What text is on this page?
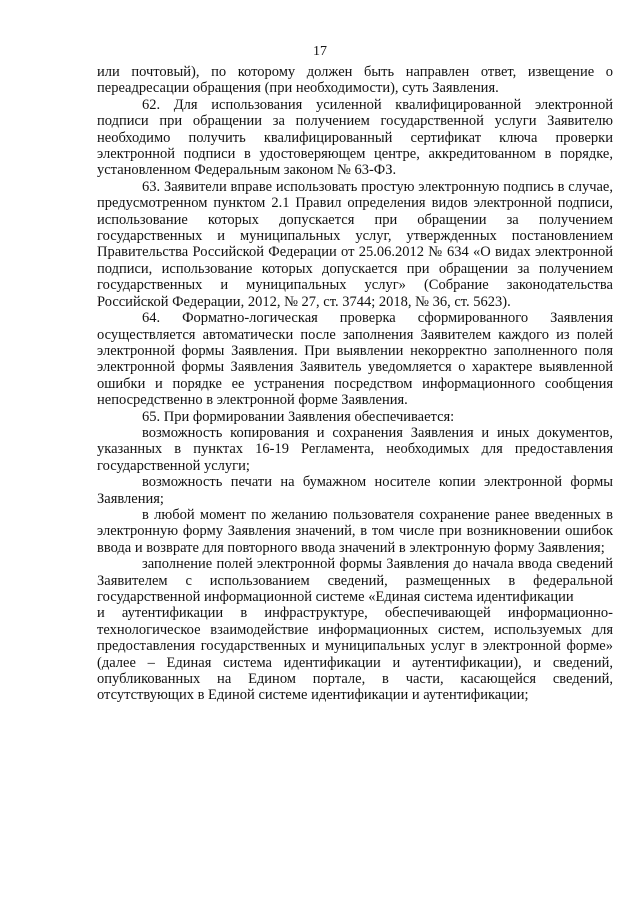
17

или почтовый), по которому должен быть направлен ответ, извещение о переадресации обращения (при необходимости), суть Заявления.

62. Для использования усиленной квалифицированной электронной подписи при обращении за получением государственной услуги Заявителю необходимо получить квалифицированный сертификат ключа проверки электронной подписи в удостоверяющем центре, аккредитованном в порядке, установленном Федеральным законом № 63-ФЗ.

63. Заявители вправе использовать простую электронную подпись в случае, предусмотренном пунктом 2.1 Правил определения видов электронной подписи, использование которых допускается при обращении за получением государственных и муниципальных услуг, утвержденных постановлением Правительства Российской Федерации от 25.06.2012 № 634 «О видах электронной подписи, использование которых допускается при обращении за получением государственных и муниципальных услуг» (Собрание законодательства Российской Федерации, 2012, № 27, ст. 3744; 2018, № 36, ст. 5623).

64. Форматно-логическая проверка сформированного Заявления осуществляется автоматически после заполнения Заявителем каждого из полей электронной формы Заявления. При выявлении некорректно заполненного поля электронной формы Заявления Заявитель уведомляется о характере выявленной ошибки и порядке ее устранения посредством информационного сообщения непосредственно в электронной форме Заявления.

65. При формировании Заявления обеспечивается:

возможность копирования и сохранения Заявления и иных документов, указанных в пунктах 16-19 Регламента, необходимых для предоставления государственной услуги;

возможность печати на бумажном носителе копии электронной формы Заявления;

в любой момент по желанию пользователя сохранение ранее введенных в электронную форму Заявления значений, в том числе при возникновении ошибок ввода и возврате для повторного ввода значений в электронную форму Заявления;

заполнение полей электронной формы Заявления до начала ввода сведений Заявителем с использованием сведений, размещенных в федеральной государственной информационной системе «Единая система идентификации

и аутентификации в инфраструктуре, обеспечивающей информационно-технологическое взаимодействие информационных систем, используемых для предоставления государственных и муниципальных услуг в электронной форме» (далее – Единая система идентификации и аутентификации), и сведений, опубликованных на Едином портале, в части, касающейся сведений, отсутствующих в Единой системе идентификации и аутентификации;
